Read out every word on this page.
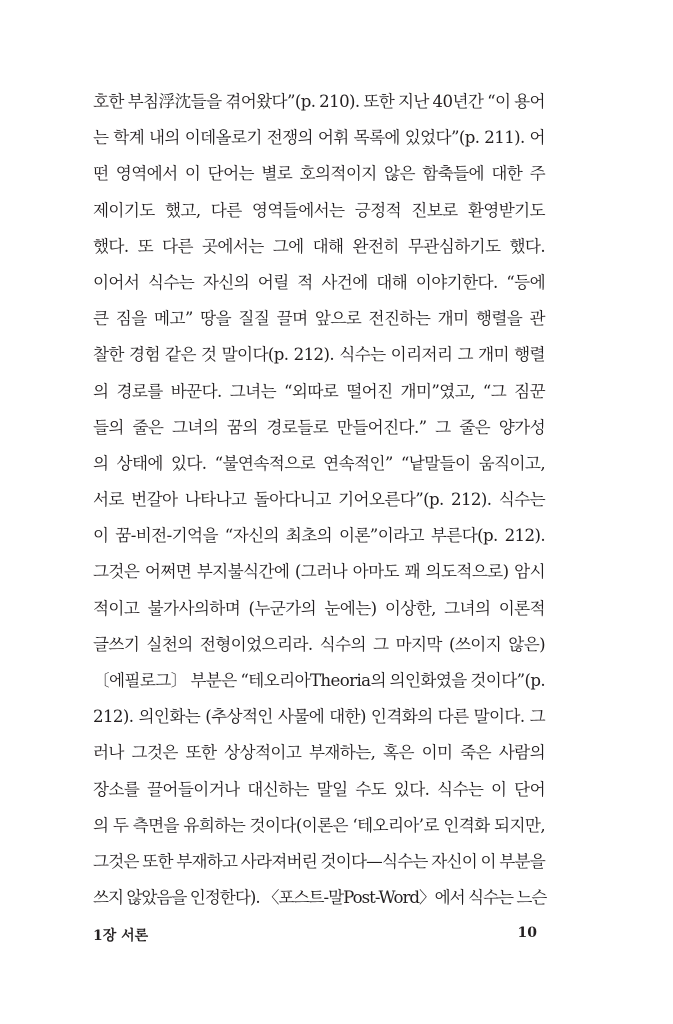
호한 부침浮沈들을 겪어왔다”(p. 210). 또한 지난 40년간 “이 용어
는 학계 내의 이데올로기 전쟁의 어휘 목록에 있었다”(p. 211). 어
떤 영역에서 이 단어는 별로 호의적이지 않은 함축들에 대한 주
제이기도 했고, 다른 영역들에서는 긍정적 진보로 환영받기도
했다. 또 다른 곳에서는 그에 대해 완전히 무관심하기도 했다.
이어서 식수는 자신의 어릴 적 사건에 대해 이야기한다. “등에
큰 짐을 메고” 땅을 질질 끌며 앞으로 전진하는 개미 행렬을 관
찰한 경험 같은 것 말이다(p. 212). 식수는 이리저리 그 개미 행렬
의 경로를 바꾼다. 그녀는 “외따로 떨어진 개미”였고, “그 짐꾼
들의 줄은 그녀의 꿈의 경로들로 만들어진다.” 그 줄은 양가성
의 상태에 있다. “불연속적으로 연속적인” “낱말들이 움직이고,
서로 번갈아 나타나고 돌아다니고 기어오른다”(p. 212). 식수는
이 꿈-비전-기억을 “자신의 최초의 이론”이라고 부른다(p. 212).
그것은 어쩌면 부지불식간에 (그러나 아마도 꽤 의도적으로) 암시
적이고 불가사의하며 (누군가의 눈에는) 이상한, 그녀의 이론적
글쓰기 실천의 전형이었으리라. 식수의 그 마지막 (쓰이지 않은)
〔에필로그〕 부분은 “테오리아Theoria의 의인화였을 것이다”(p.
212). 의인화는 (추상적인 사물에 대한) 인격화의 다른 말이다. 그
러나 그것은 또한 상상적이고 부재하는, 혹은 이미 죽은 사람의
장소를 끌어들이거나 대신하는 말일 수도 있다. 식수는 이 단어
의 두 측면을 유희하는 것이다(이론은 ‘테오리아’로 인격화 되지만,
그것은 또한 부재하고 사라져버린 것이다—식수는 자신이 이 부분을
쓰지 않았음을 인정한다). 〈포스트-말Post-Word〉에서 식수는 느슨
1장 서론	10
